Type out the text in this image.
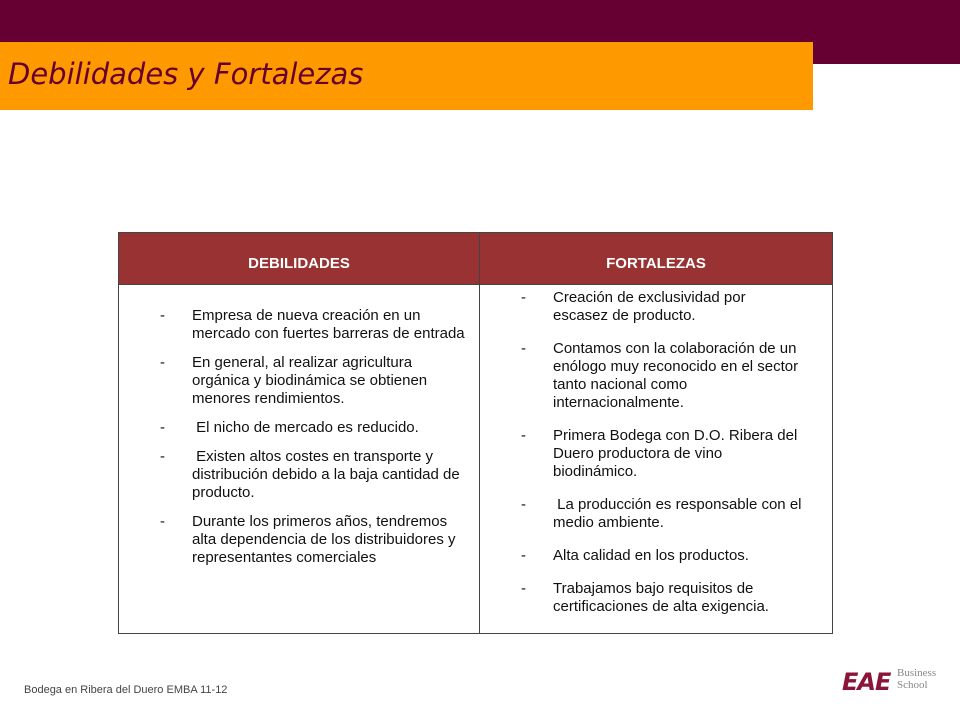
Debilidades y Fortalezas
DEBILIDADES
- Empresa de nueva creación en un
mercado con fuertes barreras de entrada
- En general, al realizar agricultura
orgánica y biodinámica se obtienen
menores rendimientos.
- El nicho de mercado es reducido.
- Existen altos costes en transporte y
distribución debido a la baja cantidad de
producto.
- Durante los primeros años, tendremos
alta dependencia de los distribuidores y
representantes comerciales
FORTALEZAS
- Creación de exclusividad por
escasez de producto.
- Contamos con la colaboración de un
enólogo muy reconocido en el sector
tanto nacional como
internacionalmente.
- Primera Bodega con D.O. Ribera del
Duero productora de vino
biodinámico.
- La producción es responsable con el
medio ambiente.
- Alta calidad en los productos.
- Trabajamos bajo requisitos de
certificaciones de alta exigencia.
Bodega en Ribera del Duero EMBA 11-12	EAE Business
School
